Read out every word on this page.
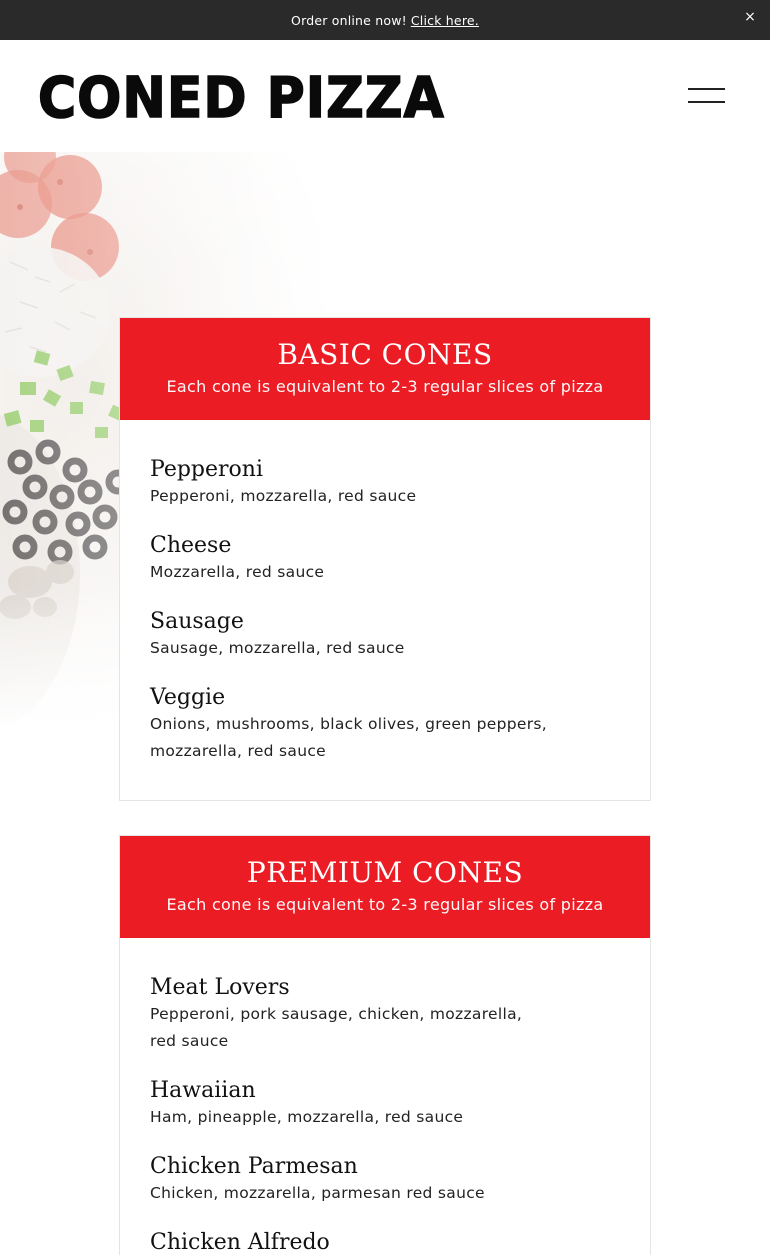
Order online now! Click here.	×
CONED PIZZA
BASIC CONES

Each cone is equivalent to 2-3 regular slices of pizza

Pepperoni
Pepperoni, mozzarella, red sauce
Cheese
Mozzarella, red sauce
Sausage
Sausage, mozzarella, red sauce
Veggie
Onions, mushrooms, black olives, green peppers, mozzarella, red sauce
PREMIUM CONES

Each cone is equivalent to 2-3 regular slices of pizza

Meat Lovers
Pepperoni, pork sausage, chicken, mozzarella, red sauce
Hawaiian
Ham, pineapple, mozzarella, red sauce
Chicken Parmesan
Chicken, mozzarella, parmesan red sauce
Chicken Alfredo
